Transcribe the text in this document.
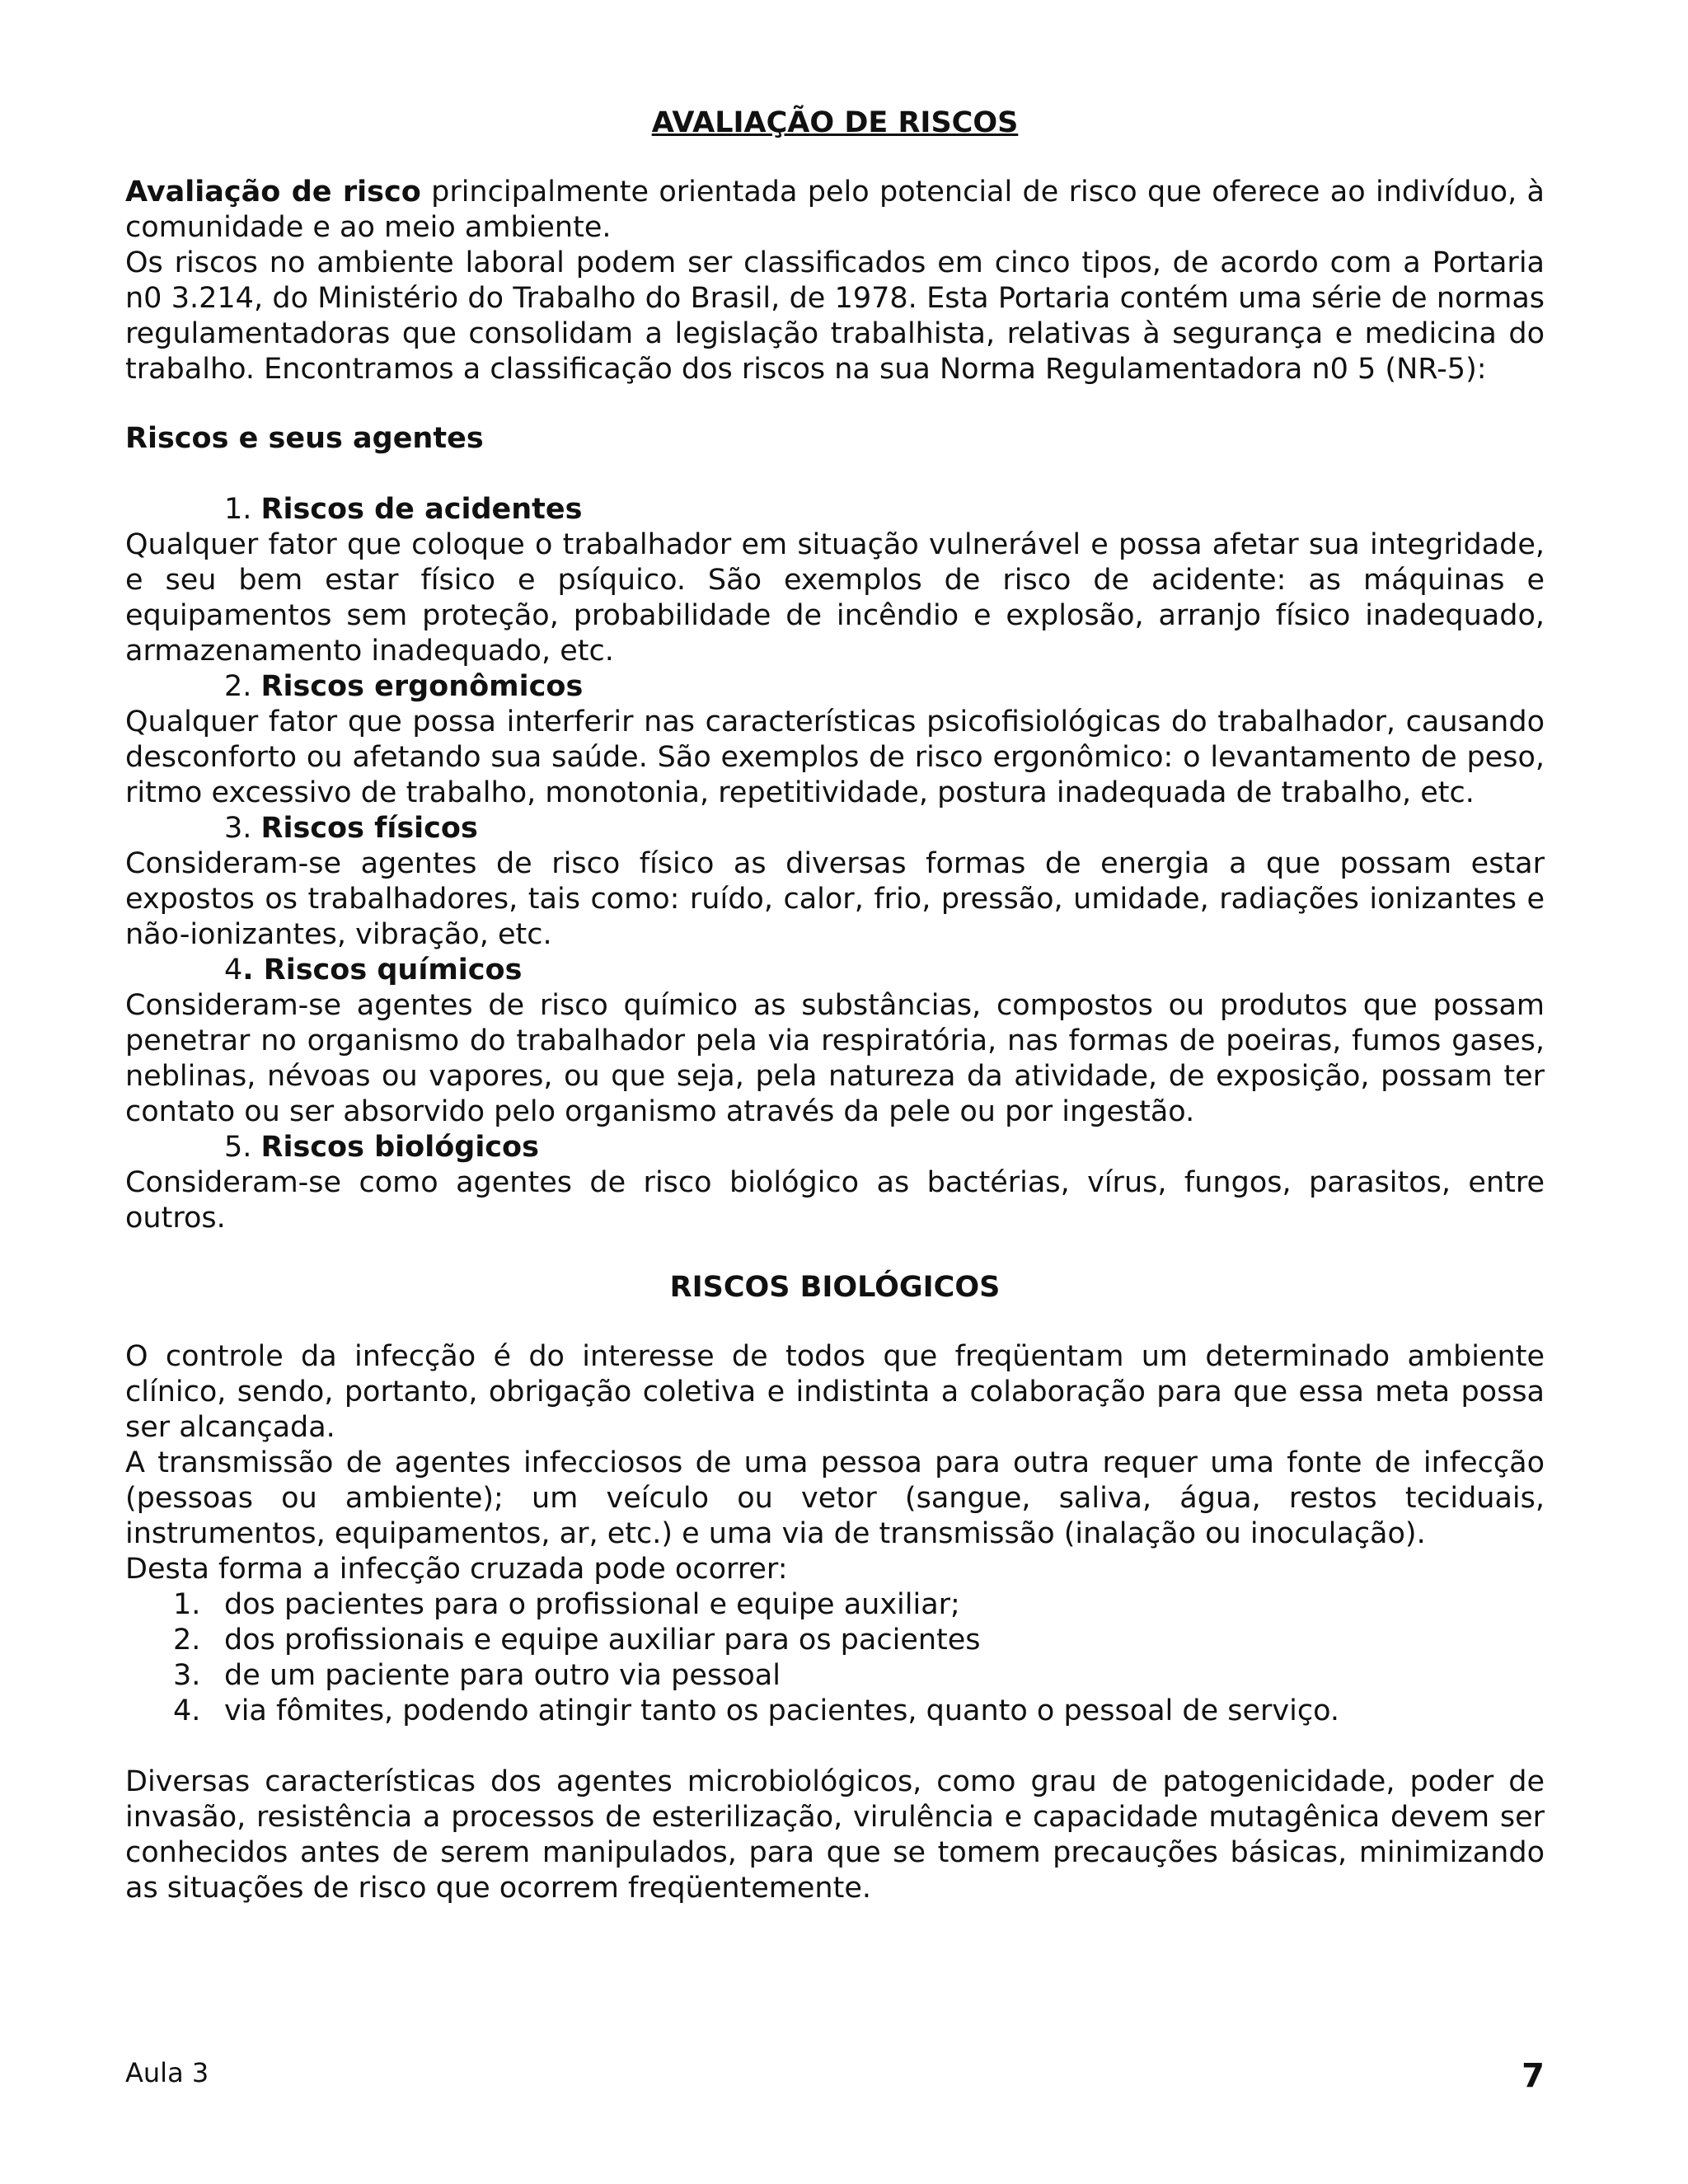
AVALIAÇÃO DE RISCOS

Avaliação de risco principalmente orientada pelo potencial de risco que oferece ao indivíduo, à comunidade e ao meio ambiente.

Os riscos no ambiente laboral podem ser classificados em cinco tipos, de acordo com a Portaria n0 3.214, do Ministério do Trabalho do Brasil, de 1978. Esta Portaria contém uma série de normas regulamentadoras que consolidam a legislação trabalhista, relativas à segurança e medicina do trabalho. Encontramos a classificação dos riscos na sua Norma Regulamentadora n0 5 (NR-5):

Riscos e seus agentes
1. Riscos de acidentes

Qualquer fator que coloque o trabalhador em situação vulnerável e possa afetar sua integridade, e seu bem estar físico e psíquico. São exemplos de risco de acidente: as máquinas e equipamentos sem proteção, probabilidade de incêndio e explosão, arranjo físico inadequado, armazenamento inadequado, etc.

2. Riscos ergonômicos

Qualquer fator que possa interferir nas características psicofisiológicas do trabalhador, causando desconforto ou afetando sua saúde. São exemplos de risco ergonômico: o levantamento de peso, ritmo excessivo de trabalho, monotonia, repetitividade, postura inadequada de trabalho, etc.

3. Riscos físicos

Consideram-se agentes de risco físico as diversas formas de energia a que possam estar expostos os trabalhadores, tais como: ruído, calor, frio, pressão, umidade, radiações ionizantes e não-ionizantes, vibração, etc.

4. Riscos químicos

Consideram-se agentes de risco químico as substâncias, compostos ou produtos que possam penetrar no organismo do trabalhador pela via respiratória, nas formas de poeiras, fumos gases, neblinas, névoas ou vapores, ou que seja, pela natureza da atividade, de exposição, possam ter contato ou ser absorvido pelo organismo através da pele ou por ingestão.

5. Riscos biológicos

Consideram-se como agentes de risco biológico as bactérias, vírus, fungos, parasitos, entre outros.

RISCOS BIOLÓGICOS

O controle da infecção é do interesse de todos que freqüentam um determinado ambiente clínico, sendo, portanto, obrigação coletiva e indistinta a colaboração para que essa meta possa ser alcançada.

A transmissão de agentes infecciosos de uma pessoa para outra requer uma fonte de infecção (pessoas ou ambiente); um veículo ou vetor (sangue, saliva, água, restos teciduais, instrumentos, equipamentos, ar, etc.) e uma via de transmissão (inalação ou inoculação).

Desta forma a infecção cruzada pode ocorrer:

1. dos pacientes para o profissional e equipe auxiliar;
2. dos profissionais e equipe auxiliar para os pacientes
3. de um paciente para outro via pessoal
4. via fômites, podendo atingir tanto os pacientes, quanto o pessoal de serviço.

Diversas características dos agentes microbiológicos, como grau de patogenicidade, poder de invasão, resistência a processos de esterilização, virulência e capacidade mutagênica devem ser conhecidos antes de serem manipulados, para que se tomem precauções básicas, minimizando as situações de risco que ocorrem freqüentemente.

Aula 3	7
